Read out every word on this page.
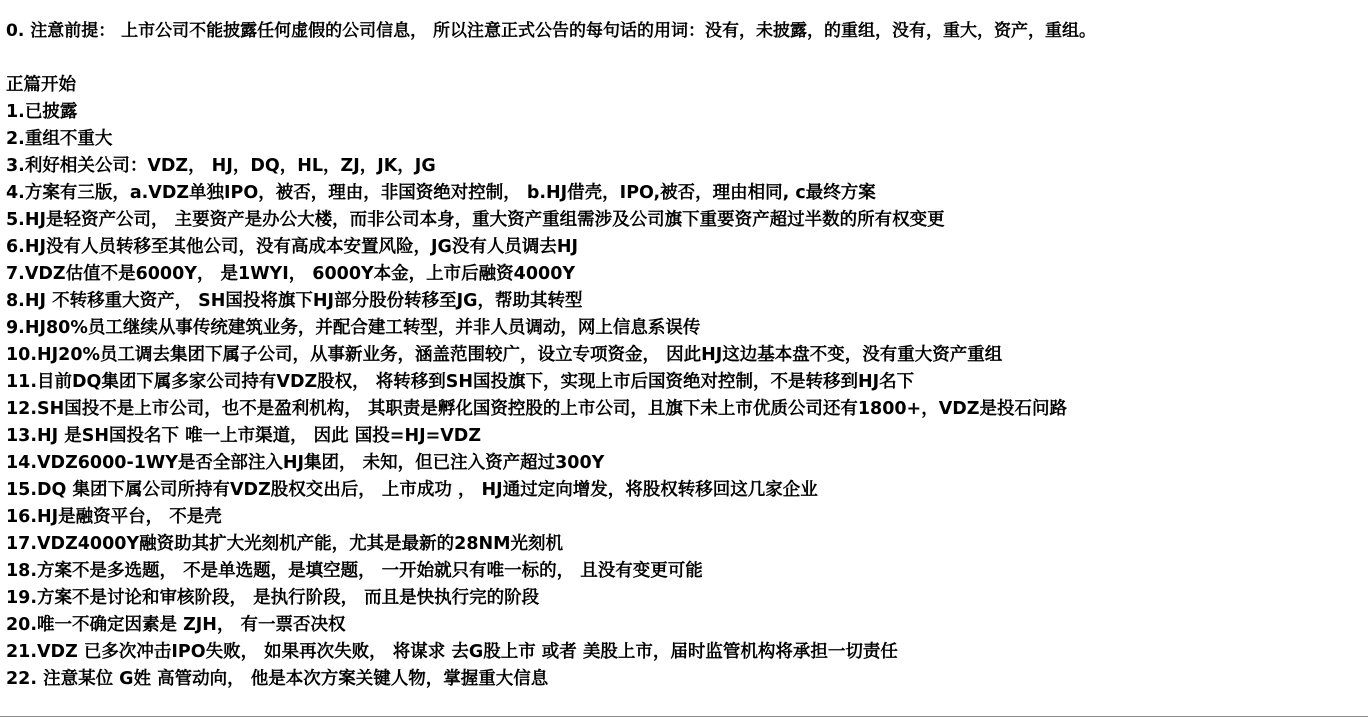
0. 注意前提： 上市公司不能披露任何虚假的公司信息， 所以注意正式公告的每句话的用词：没有，未披露，的重组，没有，重大，资产，重组。
正篇开始
1.已披露
2.重组不重大
3.利好相关公司：VDZ， HJ，DQ，HL，ZJ，JK，JG
4.方案有三版，a.VDZ单独IPO，被否，理由，非国资绝对控制， b.HJ借壳，IPO,被否，理由相同, c最终方案
5.HJ是轻资产公司， 主要资产是办公大楼，而非公司本身，重大资产重组需涉及公司旗下重要资产超过半数的所有权变更
6.HJ没有人员转移至其他公司，没有高成本安置风险，JG没有人员调去HJ
7.VDZ估值不是6000Y， 是1WYI， 6000Y本金，上市后融资4000Y
8.HJ 不转移重大资产， SH国投将旗下HJ部分股份转移至JG，帮助其转型
9.HJ80%员工继续从事传统建筑业务，并配合建工转型，并非人员调动，网上信息系误传
10.HJ20%员工调去集团下属子公司，从事新业务，涵盖范围较广，设立专项资金， 因此HJ这边基本盘不变，没有重大资产重组
11.目前DQ集团下属多家公司持有VDZ股权， 将转移到SH国投旗下，实现上市后国资绝对控制，不是转移到HJ名下
12.SH国投不是上市公司，也不是盈利机构， 其职责是孵化国资控股的上市公司，且旗下未上市优质公司还有1800+，VDZ是投石问路
13.HJ 是SH国投名下 唯一上市渠道， 因此 国投=HJ=VDZ
14.VDZ6000-1WY是否全部注入HJ集团， 未知，但已注入资产超过300Y
15.DQ 集团下属公司所持有VDZ股权交出后， 上市成功 ， HJ通过定向增发，将股权转移回这几家企业
16.HJ是融资平台， 不是壳
17.VDZ4000Y融资助其扩大光刻机产能，尤其是最新的28NM光刻机
18.方案不是多选题， 不是单选题，是填空题， 一开始就只有唯一标的， 且没有变更可能
19.方案不是讨论和审核阶段， 是执行阶段， 而且是快执行完的阶段
20.唯一不确定因素是 ZJH， 有一票否决权
21.VDZ 已多次冲击IPO失败， 如果再次失败， 将谋求 去G股上市 或者 美股上市，届时监管机构将承担一切责任
22. 注意某位 G姓 高管动向， 他是本次方案关键人物，掌握重大信息
